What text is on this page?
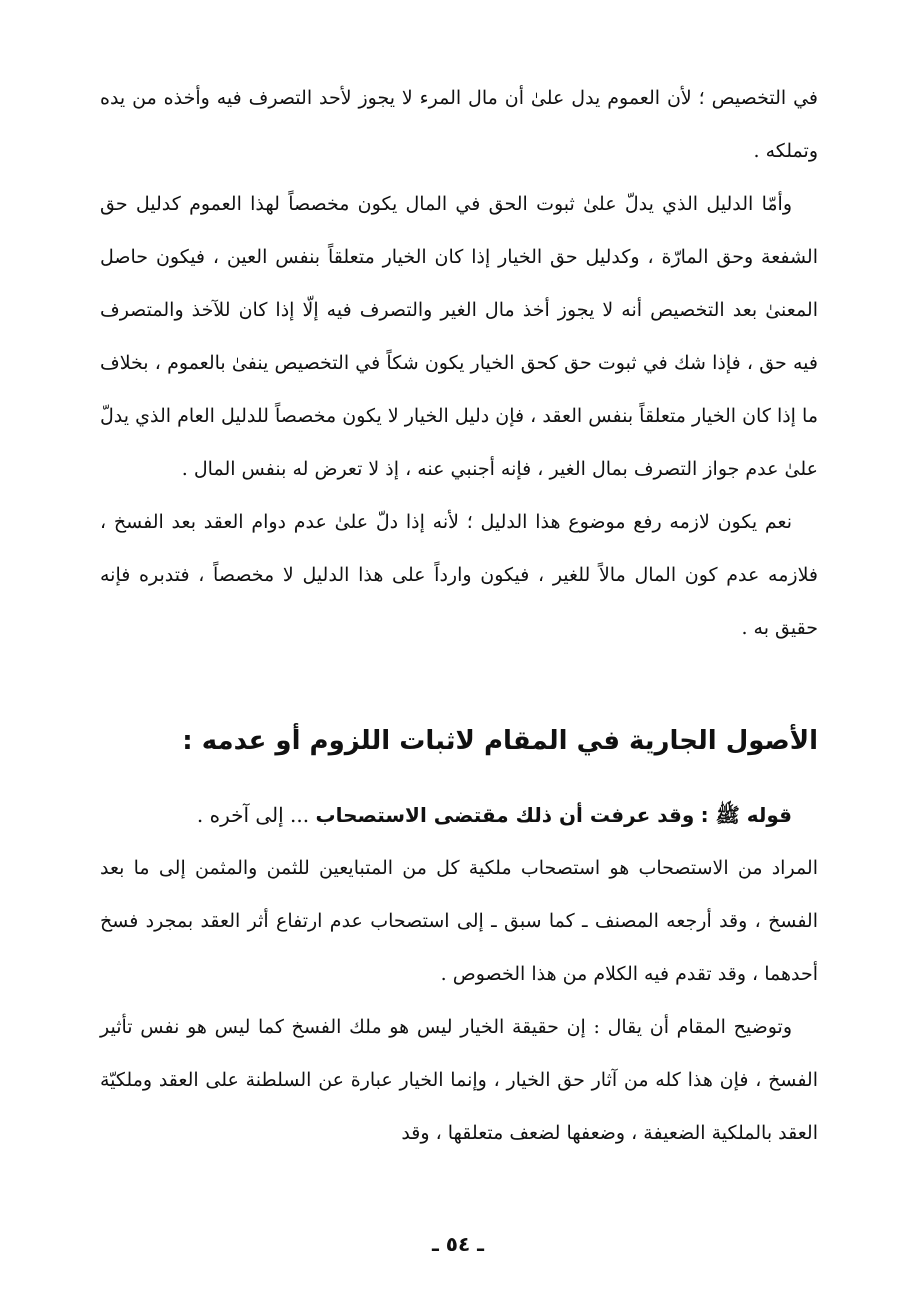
في التخصيص ؛ لأن العموم يدل علىٰ أن مال المرء لا يجوز لأحد التصرف فيه وأخذه من يده وتملكه .

وأمّا الدليل الذي يدلّ علىٰ ثبوت الحق في المال يكون مخصصاً لهذا العموم كدليل حق الشفعة وحق المارّة ، وكدليل حق الخيار إذا كان الخيار متعلقاً بنفس العين ، فيكون حاصل المعنىٰ بعد التخصيص أنه لا يجوز أخذ مال الغير والتصرف فيه إلّا إذا كان للآخذ والمتصرف فيه حق ، فإذا شك في ثبوت حق كحق الخيار يكون شكاً في التخصيص ينفىٰ بالعموم ، بخلاف ما إذا كان الخيار متعلقاً بنفس العقد ، فإن دليل الخيار لا يكون مخصصاً للدليل العام الذي يدلّ علىٰ عدم جواز التصرف بمال الغير ، فإنه أجنبي عنه ، إذ لا تعرض له بنفس المال .

نعم يكون لازمه رفع موضوع هذا الدليل ؛ لأنه إذا دلّ علىٰ عدم دوام العقد بعد الفسخ ، فلازمه عدم كون المال مالاً للغير ، فيكون وارداً على هذا الدليل لا مخصصاً ، فتدبره فإنه حقيق به .

الأصول الجارية في المقام لاثبات اللزوم أو عدمه :

قوله ﷺ : وقد عرفت أن ذلك مقتضى الاستصحاب ... إلى آخره .

المراد من الاستصحاب هو استصحاب ملكية كل من المتبايعين للثمن والمثمن إلى ما بعد الفسخ ، وقد أرجعه المصنف ـ كما سبق ـ إلى استصحاب عدم ارتفاع أثر العقد بمجرد فسخ أحدهما ، وقد تقدم فيه الكلام من هذا الخصوص .

وتوضيح المقام أن يقال : إن حقيقة الخيار ليس هو ملك الفسخ كما ليس هو نفس تأثير الفسخ ، فإن هذا كله من آثار حق الخيار ، وإنما الخيار عبارة عن السلطنة على العقد وملكيّة العقد بالملكية الضعيفة ، وضعفها لضعف متعلقها ، وقد

ـ ٥٤ ـ
